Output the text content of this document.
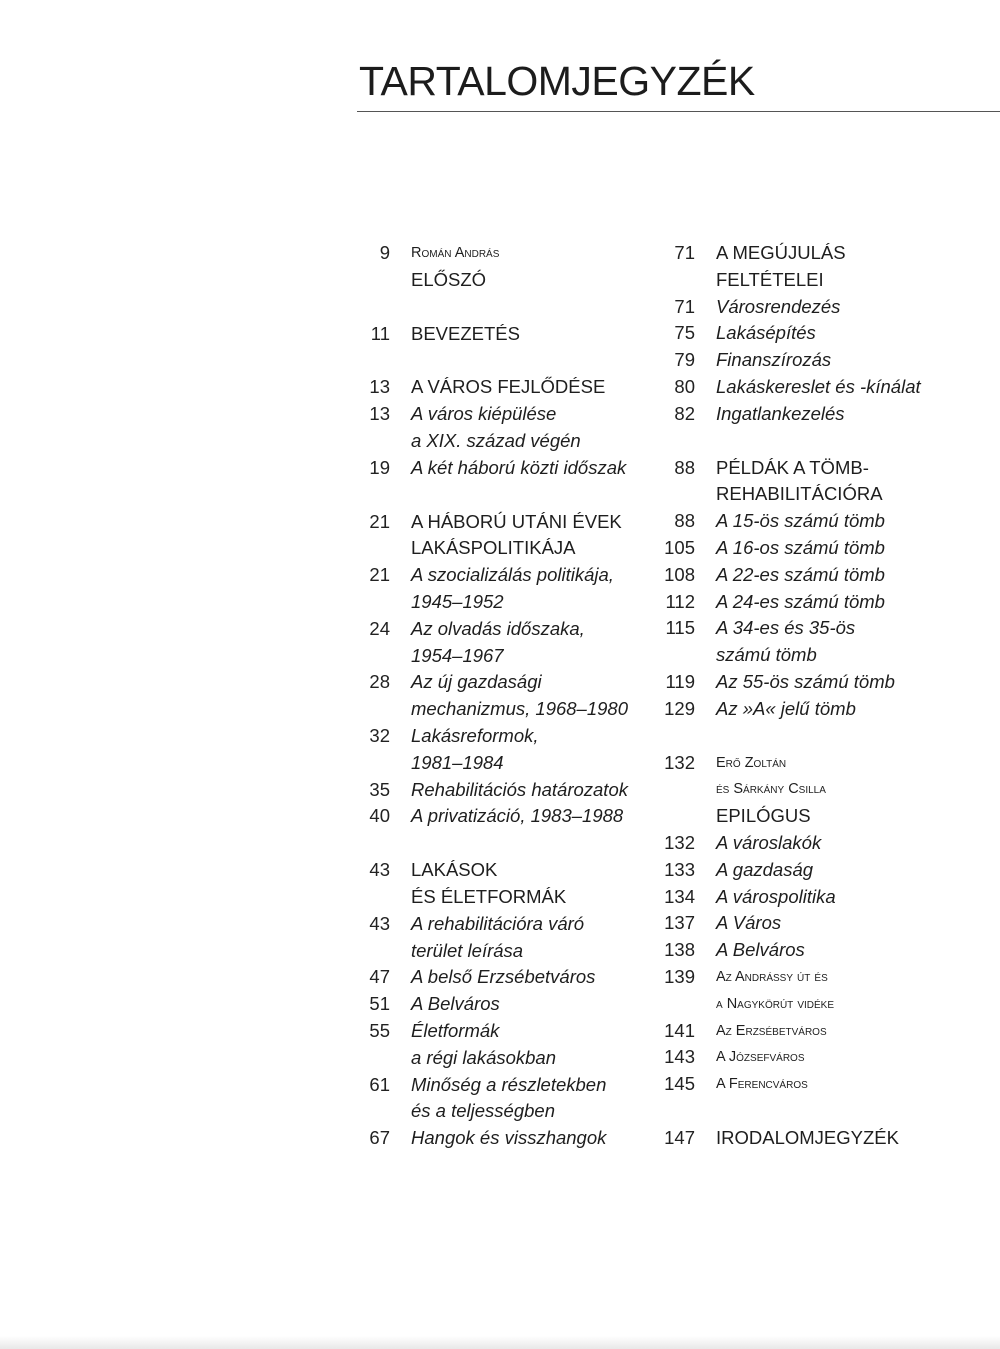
TARTALOMJEGYZÉK
9 Román András
ELŐSZÓ
11 BEVEZETÉS
13 A VÁROS FEJLŐDÉSE
13 A város kiépülése
a XIX. század végén
19 A két háború közti időszak
21 A HÁBORÚ UTÁNI ÉVEK
LAKÁSPOLITIKÁJA
21 A szocializálás politikája,
1945–1952
24 Az olvadás időszaka,
1954–1967
28 Az új gazdasági
mechanizmus, 1968–1980
32 Lakásreformok,
1981–1984
35 Rehabilitációs határozatok
40 A privatizáció, 1983–1988
43 LAKÁSOK
ÉS ÉLETFORMÁK
43 A rehabilitációra váró
terület leírása
47 A belső Erzsébetváros
51 A Belváros
55 Életformák
a régi lakásokban
61 Minőség a részletekben
és a teljességben
67 Hangok és visszhangok
71 A MEGÚJULÁS
FELTÉTELEI
71 Városrendezés
75 Lakásépítés
79 Finanszírozás
80 Lakáskereslet és -kínálat
82 Ingatlankezelés
88 PÉLDÁK A TÖMB-
REHABILITÁCIÓRA
88 A 15-ös számú tömb
105 A 16-os számú tömb
108 A 22-es számú tömb
112 A 24-es számú tömb
115 A 34-es és 35-ös
számú tömb
119 Az 55-ös számú tömb
129 Az »A« jelű tömb
132 Erő Zoltán
és Sárkány Csilla
EPILÓGUS
132 A városlakók
133 A gazdaság
134 A várospolitika
137 A Város
138 A Belváros
139 Az Andrássy út és
a Nagykörút vidéke
141 Az Erzsébetváros
143 A Józsefváros
145 A Ferencváros
147 IRODALOMJEGYZÉK
